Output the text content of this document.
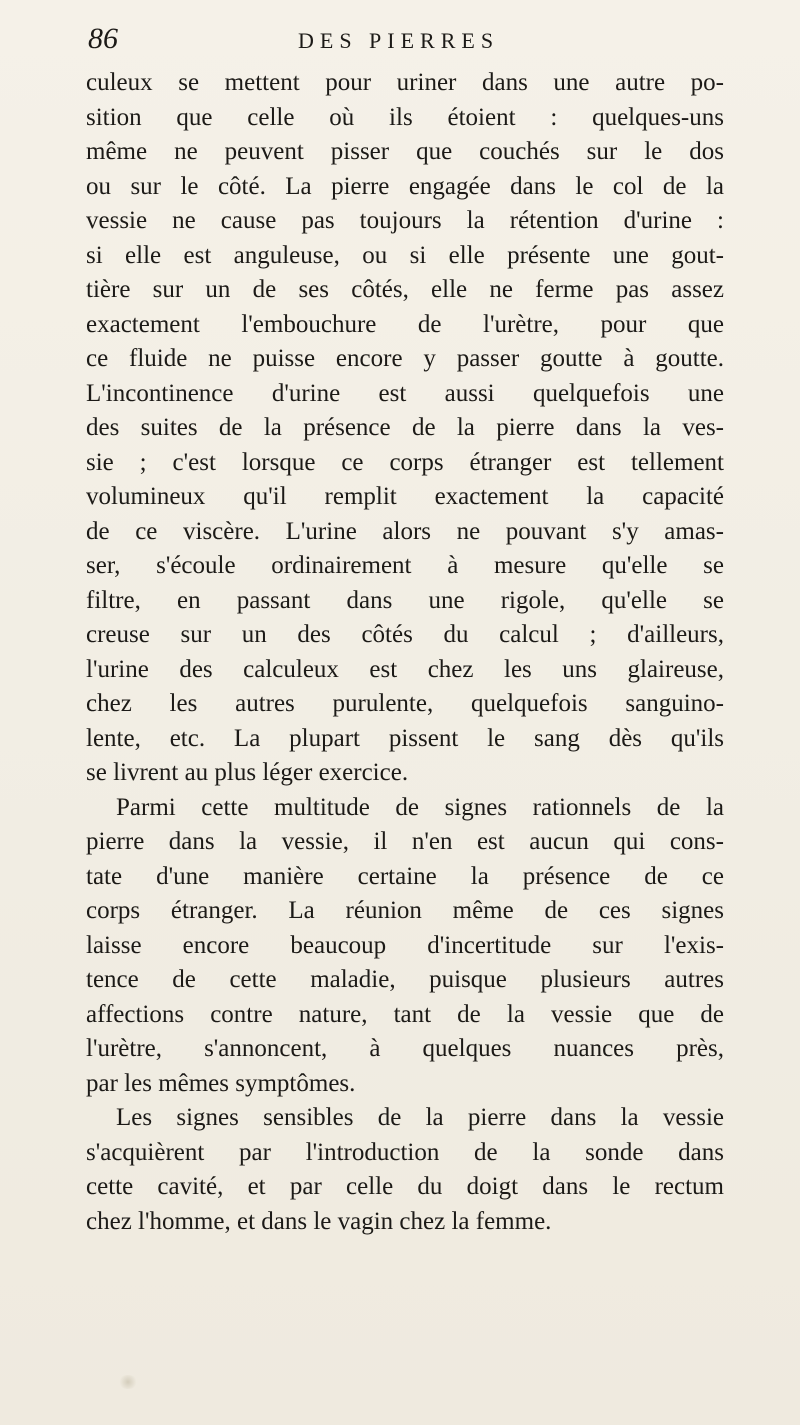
86	DES PIERRES
culeux se mettent pour uriner dans une autre po-
sition que celle où ils étoient : quelques-uns
même ne peuvent pisser que couchés sur le dos
ou sur le côté. La pierre engagée dans le col de la
vessie ne cause pas toujours la rétention d'urine :
si elle est anguleuse, ou si elle présente une gout-
tière sur un de ses côtés, elle ne ferme pas assez
exactement l'embouchure de l'urètre, pour que
ce fluide ne puisse encore y passer goutte à goutte.
L'incontinence d'urine est aussi quelquefois une
des suites de la présence de la pierre dans la ves-
sie ; c'est lorsque ce corps étranger est tellement
volumineux qu'il remplit exactement la capacité
de ce viscère. L'urine alors ne pouvant s'y amas-
ser, s'écoule ordinairement à mesure qu'elle se
filtre, en passant dans une rigole, qu'elle se
creuse sur un des côtés du calcul ; d'ailleurs,
l'urine des calculeux est chez les uns glaireuse,
chez les autres purulente, quelquefois sanguino-
lente, etc. La plupart pissent le sang dès qu'ils
se livrent au plus léger exercice.
Parmi cette multitude de signes rationnels de la
pierre dans la vessie, il n'en est aucun qui cons-
tate d'une manière certaine la présence de ce
corps étranger. La réunion même de ces signes
laisse encore beaucoup d'incertitude sur l'exis-
tence de cette maladie, puisque plusieurs autres
affections contre nature, tant de la vessie que de
l'urètre, s'annoncent, à quelques nuances près,
par les mêmes symptômes.
Les signes sensibles de la pierre dans la vessie
s'acquièrent par l'introduction de la sonde dans
cette cavité, et par celle du doigt dans le rectum
chez l'homme, et dans le vagin chez la femme.
